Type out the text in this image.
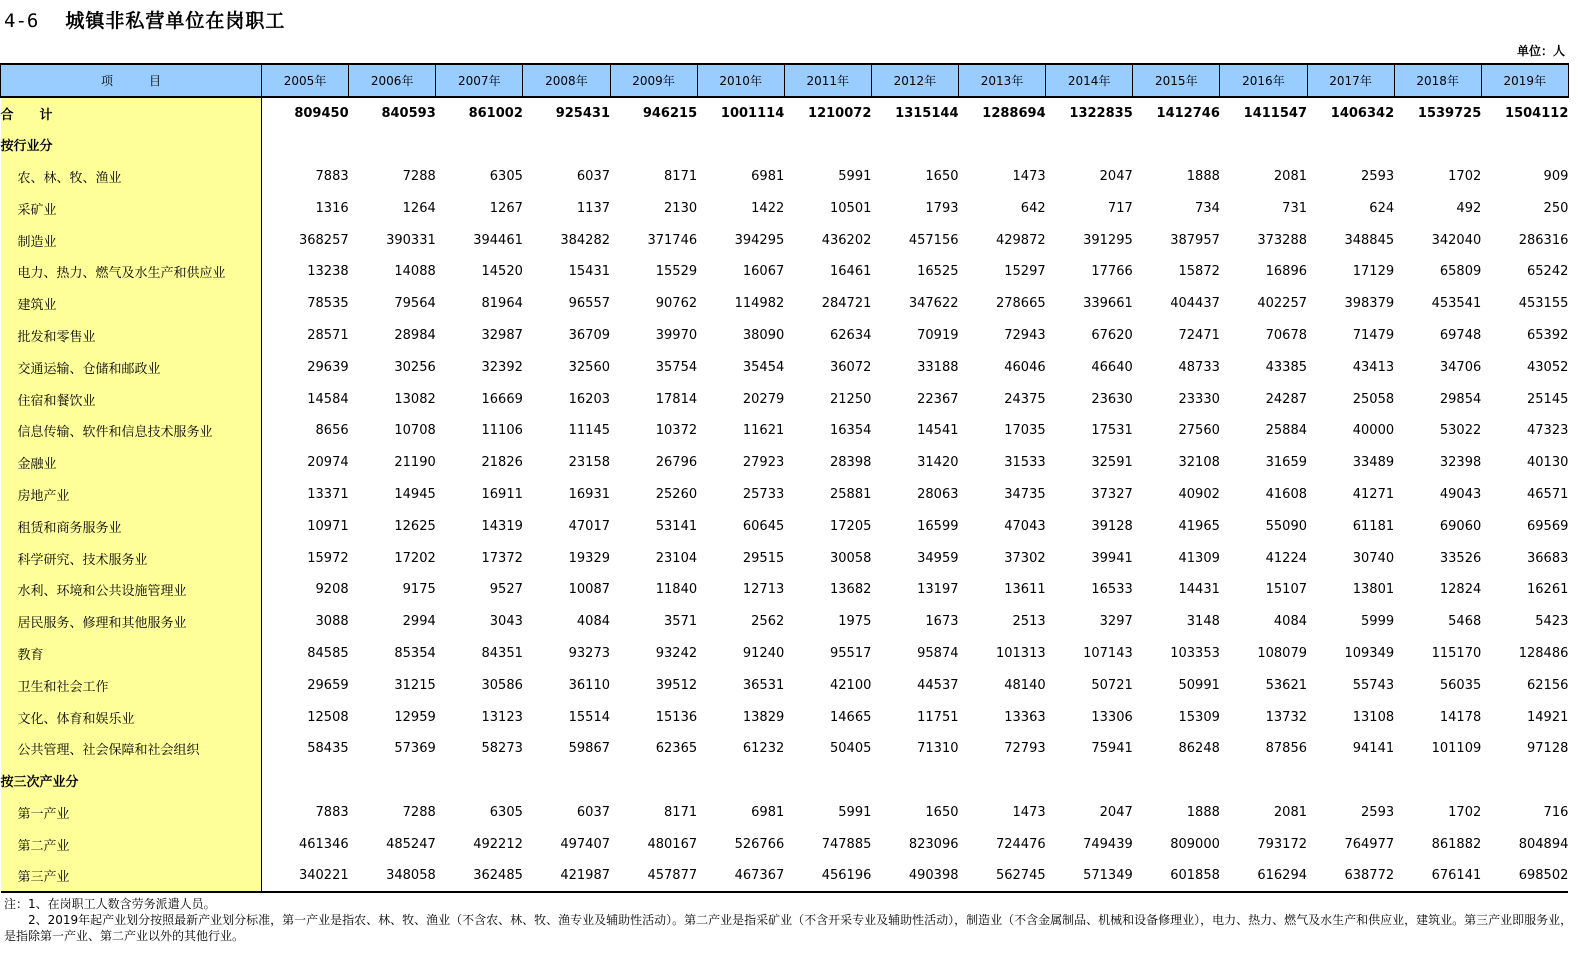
4-6 城镇非私营单位在岗职工
单位：人
项　　　目	2005年	2006年	2007年	2008年	2009年	2010年	2011年	2012年	2013年	2014年	2015年	2016年	2017年	2018年	2019年
合　　计	809450	840593	861002	925431	946215	1001114	1210072	1315144	1288694	1322835	1412746	1411547	1406342	1539725	1504112
按行业分															
农、林、牧、渔业	7883	7288	6305	6037	8171	6981	5991	1650	1473	2047	1888	2081	2593	1702	909
采矿业	1316	1264	1267	1137	2130	1422	10501	1793	642	717	734	731	624	492	250
制造业	368257	390331	394461	384282	371746	394295	436202	457156	429872	391295	387957	373288	348845	342040	286316
电力、热力、燃气及水生产和供应业	13238	14088	14520	15431	15529	16067	16461	16525	15297	17766	15872	16896	17129	65809	65242
建筑业	78535	79564	81964	96557	90762	114982	284721	347622	278665	339661	404437	402257	398379	453541	453155
批发和零售业	28571	28984	32987	36709	39970	38090	62634	70919	72943	67620	72471	70678	71479	69748	65392
交通运输、仓储和邮政业	29639	30256	32392	32560	35754	35454	36072	33188	46046	46640	48733	43385	43413	34706	43052
住宿和餐饮业	14584	13082	16669	16203	17814	20279	21250	22367	24375	23630	23330	24287	25058	29854	25145
信息传输、软件和信息技术服务业	8656	10708	11106	11145	10372	11621	16354	14541	17035	17531	27560	25884	40000	53022	47323
金融业	20974	21190	21826	23158	26796	27923	28398	31420	31533	32591	32108	31659	33489	32398	40130
房地产业	13371	14945	16911	16931	25260	25733	25881	28063	34735	37327	40902	41608	41271	49043	46571
租赁和商务服务业	10971	12625	14319	47017	53141	60645	17205	16599	47043	39128	41965	55090	61181	69060	69569
科学研究、技术服务业	15972	17202	17372	19329	23104	29515	30058	34959	37302	39941	41309	41224	30740	33526	36683
水利、环境和公共设施管理业	9208	9175	9527	10087	11840	12713	13682	13197	13611	16533	14431	15107	13801	12824	16261
居民服务、修理和其他服务业	3088	2994	3043	4084	3571	2562	1975	1673	2513	3297	3148	4084	5999	5468	5423
教育	84585	85354	84351	93273	93242	91240	95517	95874	101313	107143	103353	108079	109349	115170	128486
卫生和社会工作	29659	31215	30586	36110	39512	36531	42100	44537	48140	50721	50991	53621	55743	56035	62156
文化、体育和娱乐业	12508	12959	13123	15514	15136	13829	14665	11751	13363	13306	15309	13732	13108	14178	14921
公共管理、社会保障和社会组织	58435	57369	58273	59867	62365	61232	50405	71310	72793	75941	86248	87856	94141	101109	97128
按三次产业分															
第一产业	7883	7288	6305	6037	8171	6981	5991	1650	1473	2047	1888	2081	2593	1702	716
第二产业	461346	485247	492212	497407	480167	526766	747885	823096	724476	749439	809000	793172	764977	861882	804894
第三产业	340221	348058	362485	421987	457877	467367	456196	490398	562745	571349	601858	616294	638772	676141	698502

注：1、在岗职工人数含劳务派遣人员。

2、2019年起产业划分按照最新产业划分标准，第一产业是指农、林、牧、渔业（不含农、林、牧、渔专业及辅助性活动）。第二产业是指采矿业（不含开采专业及辅助性活动），制造业（不含金属制品、机械和设备修理业），电力、热力、燃气及水生产和供应业，建筑业。第三产业即服务业，是指除第一产业、第二产业以外的其他行业。
